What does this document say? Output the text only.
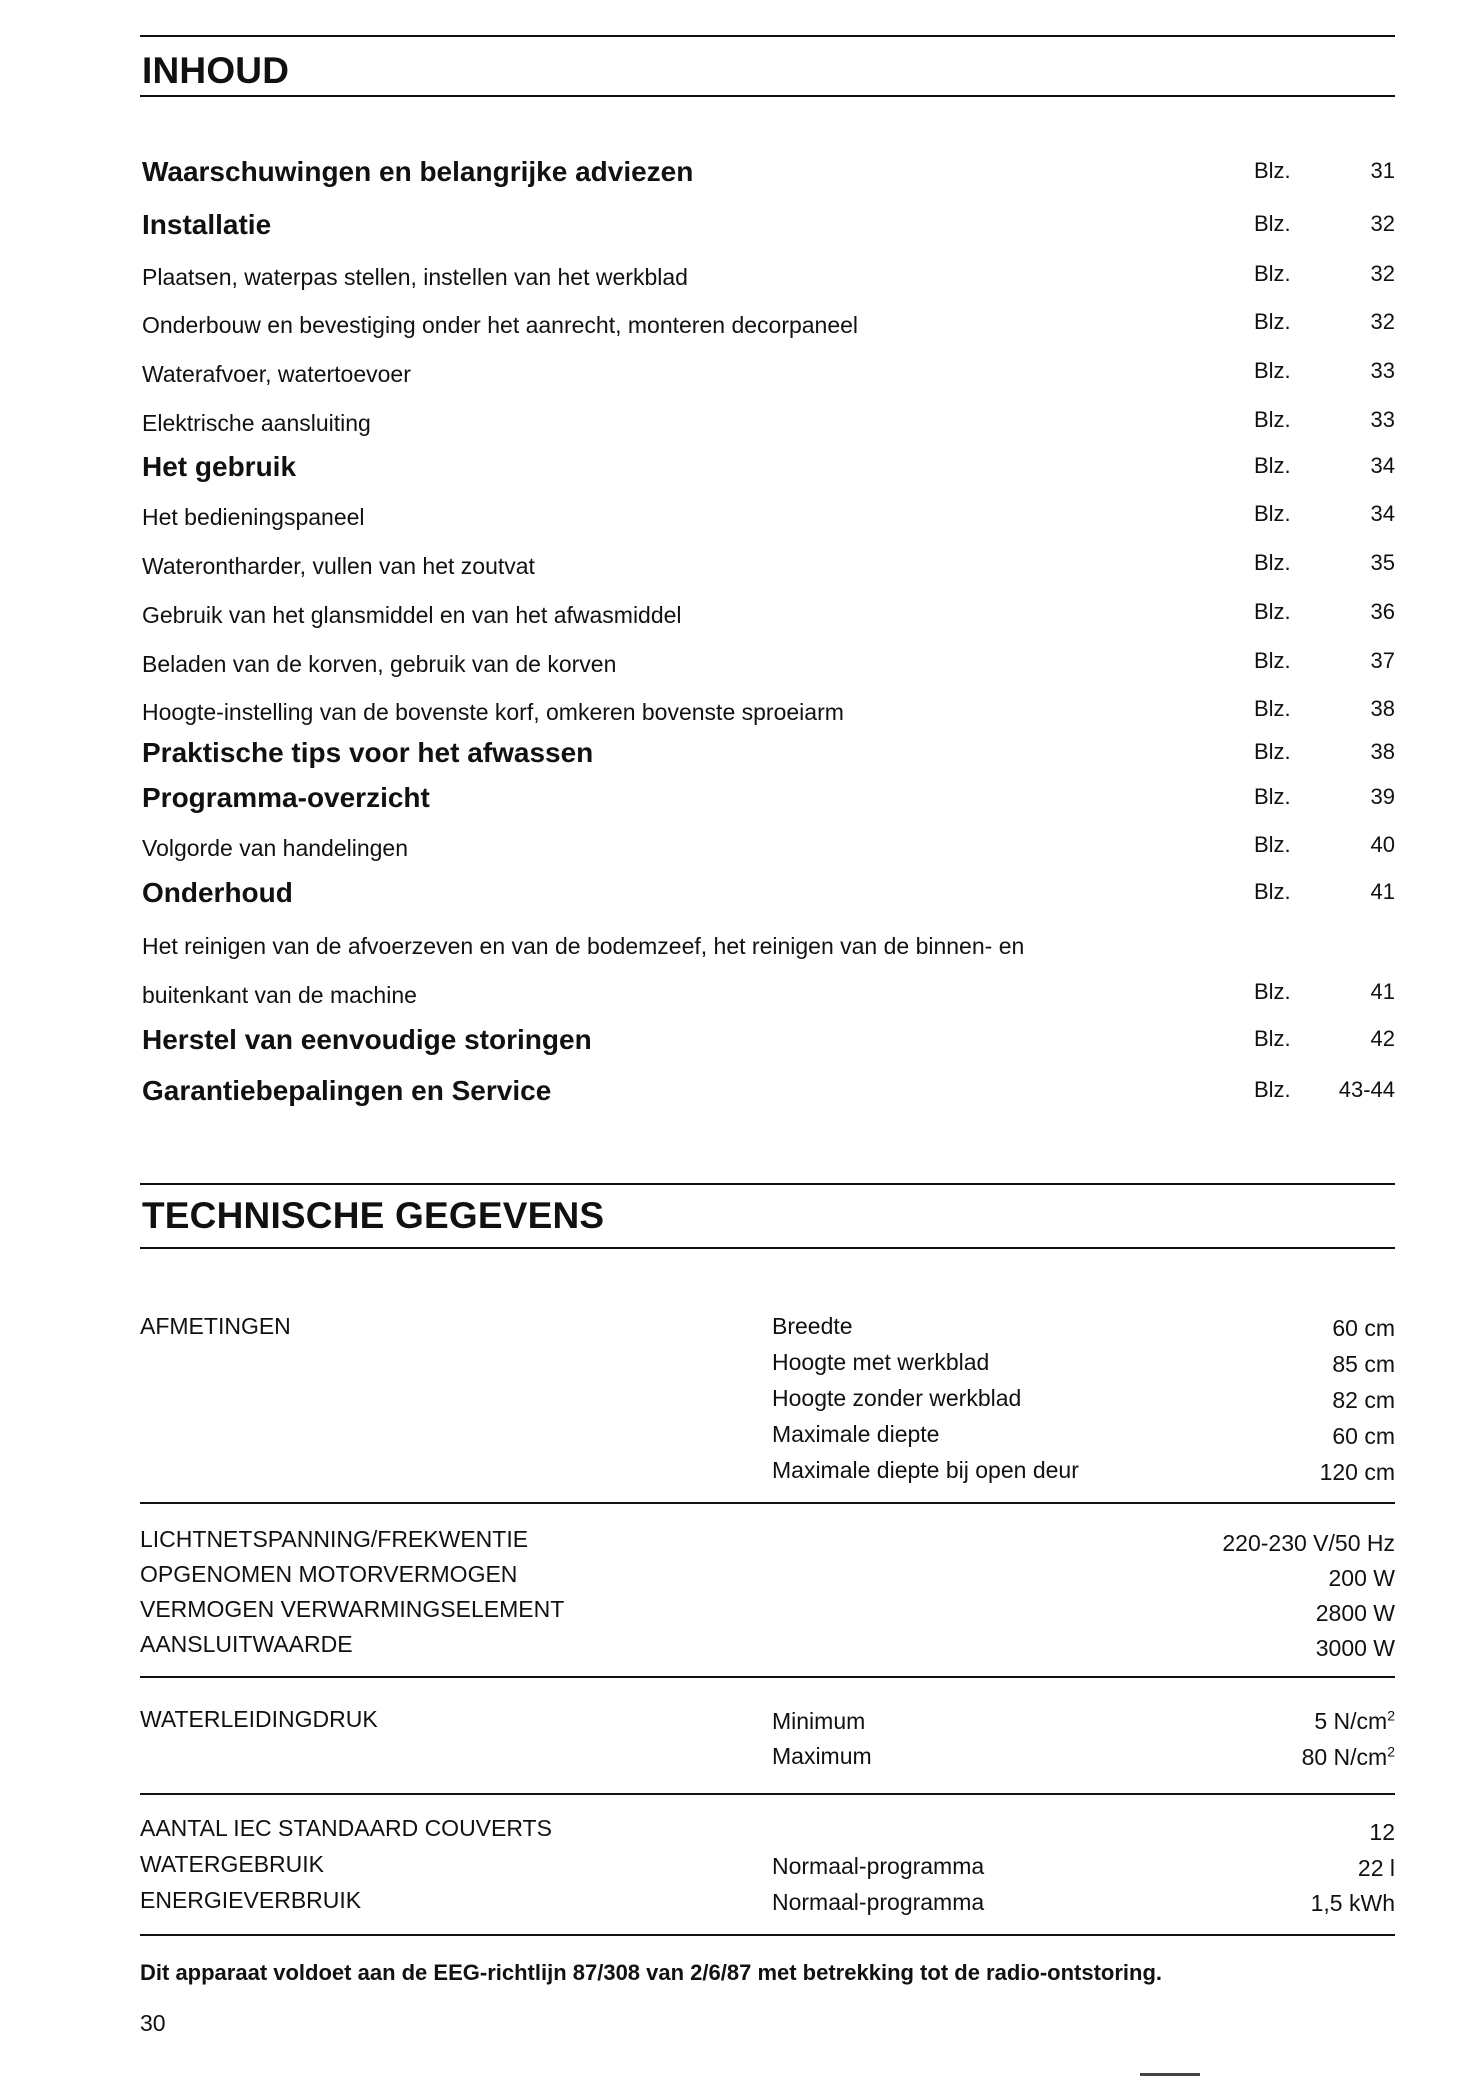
INHOUD
Waarschuwingen en belangrijke adviezen	Blz.	31
Installatie	Blz.	32
Plaatsen, waterpas stellen, instellen van het werkblad	Blz.	32
Onderbouw en bevestiging onder het aanrecht, monteren decorpaneel	Blz.	32
Waterafvoer, watertoevoer	Blz.	33
Elektrische aansluiting	Blz.	33
Het gebruik	Blz.	34
Het bedieningspaneel	Blz.	34
Waterontharder, vullen van het zoutvat	Blz.	35
Gebruik van het glansmiddel en van het afwasmiddel	Blz.	36
Beladen van de korven, gebruik van de korven	Blz.	37
Hoogte-instelling van de bovenste korf, omkeren bovenste sproeiarm	Blz.	38
Praktische tips voor het afwassen	Blz.	38
Programma-overzicht	Blz.	39
Volgorde van handelingen	Blz.	40
Onderhoud	Blz.	41
Het reinigen van de afvoerzeven en van de bodemzeef, het reinigen van de binnen- en
buitenkant van de machine	Blz.	41
Herstel van eenvoudige storingen	Blz.	42
Garantiebepalingen en Service	Blz. 43-44
TECHNISCHE GEGEVENS
AFMETINGEN	Breedte	60 cm
Hoogte met werkblad	85 cm
Hoogte zonder werkblad	82 cm
Maximale diepte	60 cm
Maximale diepte bij open deur	120 cm
LICHTNETSPANNING/FREKWENTIE	220-230 V/50 Hz
OPGENOMEN MOTORVERMOGEN	200 W
VERMOGEN VERWARMINGSELEMENT	2800 W
AANSLUITWAARDE	3000 W
WATERLEIDINGDRUK	Minimum	5 $N/cm^2$
Maximum	80 $N/cm^2$
AANTAL IEC STANDAARD COUVERTS	12
WATERGEBRUIK	Normaal-programma	22 l
ENERGIEVERBRUIK	Normaal-programma	1,5 kWh
Dit apparaat voldoet aan de EEG-richtlijn 87/308 van 2/6/87 met betrekking tot de radio-ontstoring.
30
